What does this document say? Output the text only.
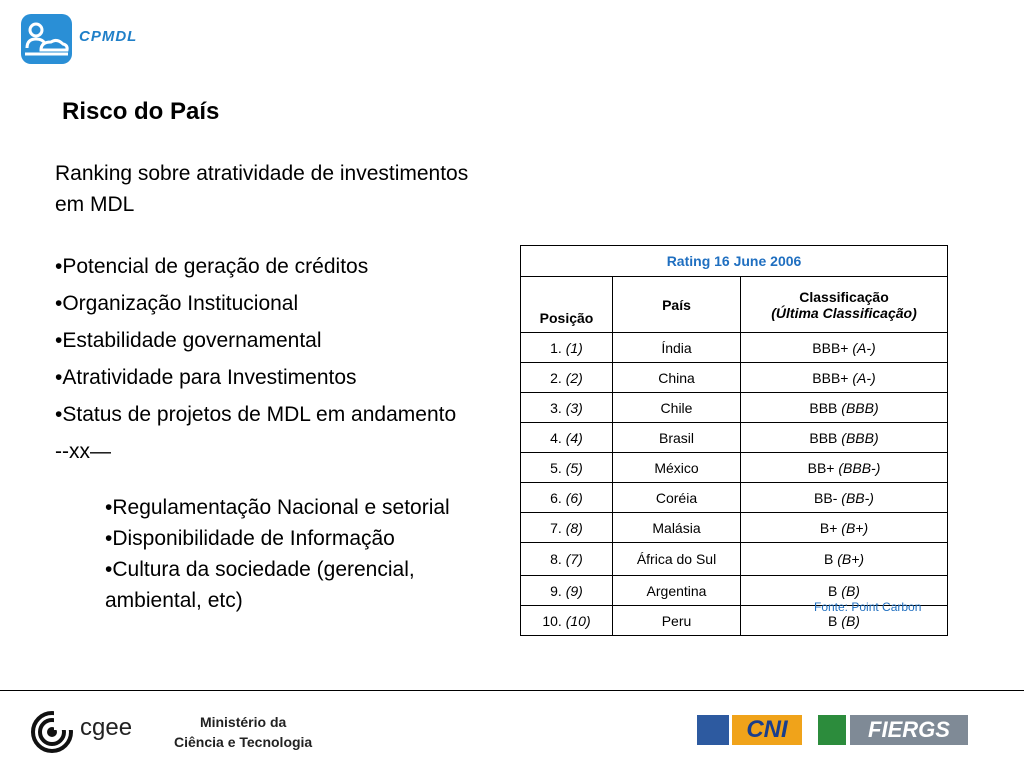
CPMDL
Risco do País

Ranking sobre atratividade de investimentos em MDL

•Potencial de geração de créditos
•Organização Institucional
•Estabilidade governamental
•Atratividade para Investimentos
•Status de projetos de MDL em andamento
--xx—
•Regulamentação Nacional e setorial
•Disponibilidade de Informação
•Cultura da sociedade (gerencial, ambiental, etc)
Rating 16 June 2006		
Posição	País	Classificação
(Última Classificação)

1. (1)	Índia	BBB+ (A-)
2. (2)	China	BBB+ (A-)
3. (3)	Chile	BBB (BBB)
4. (4)	Brasil	BBB (BBB)
5. (5)	México	BB+ (BBB-)
6. (6)	Coréia	BB- (BB-)
7. (8)	Malásia	B+ (B+)
8. (7)	África do Sul	B (B+)
9. (9)	Argentina	B (B)
10. (10)	Peru	B (B)
Fonte: Point Carbon
cgee	Ministério da
Ciência e Tecnologia	CNI	FIERGS
